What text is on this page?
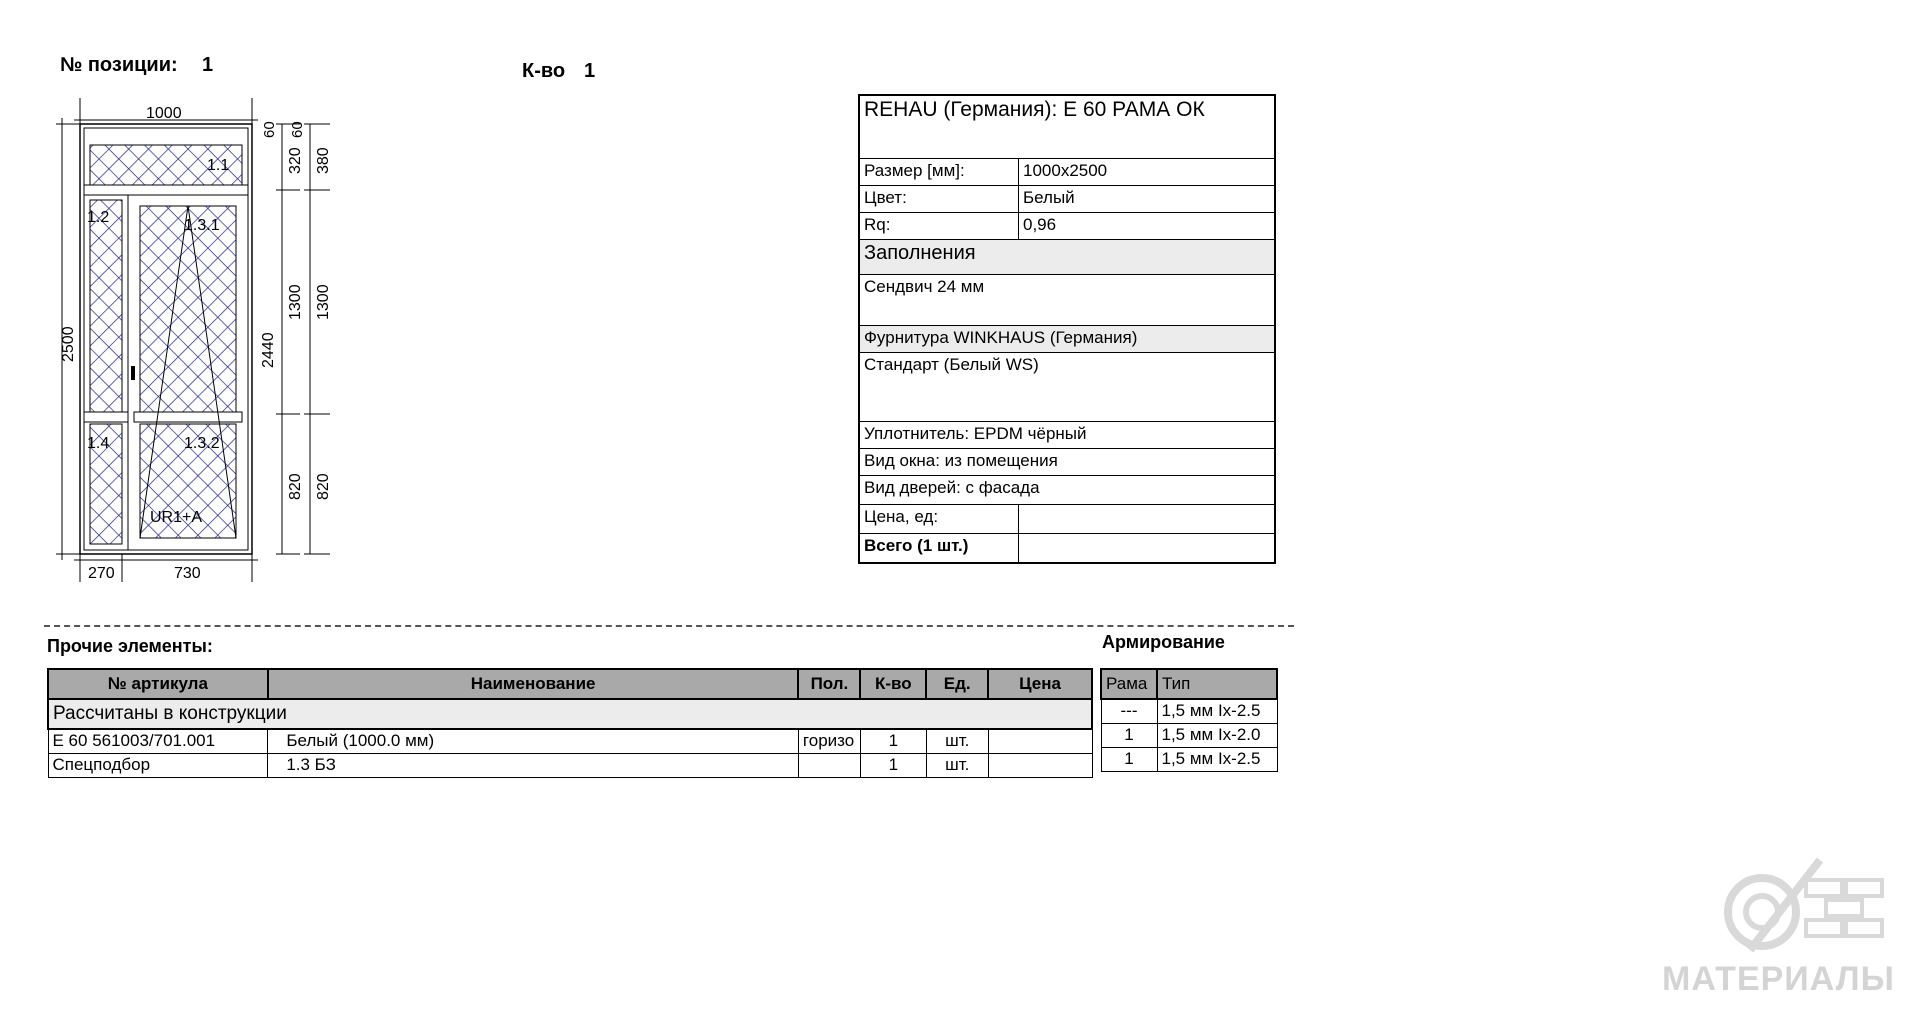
№ позиции: 1	К-во 1
1.1
1.2
1.4
1.3.1
1.3.2
UR1+A
1000
2500	2440
60
320
1300
820
60
380
1300
820
270	730
REHAU (Германия): E 60 РАМА ОК
Размер [мм]:	1000x2500
Цвет:	Белый
Rq:	0,96
Заполнения
Сендвич 24 мм
Фурнитура WINKHAUS (Германия)
Стандарт (Белый WS)
Уплотнитель: EPDM чёрный
Вид окна: из помещения
Вид дверей: с фасада
Цена, ед:
Всего (1 шт.)
Прочие элементы:
№ артикула	Наименование	Пол.	К-во	Ед.	Цена
Рассчитаны в конструкции					
E 60 561003/701.001	Белый (1000.0 мм)	горизо	1	шт.	
Спецподбор	1.3 БЗ		1	шт.	
Армирование
Рама	Тип
---	1,5 мм Ix-2.5
1	1,5 мм Ix-2.0
1	1,5 мм Ix-2.5
МАТЕРИАЛЫ
